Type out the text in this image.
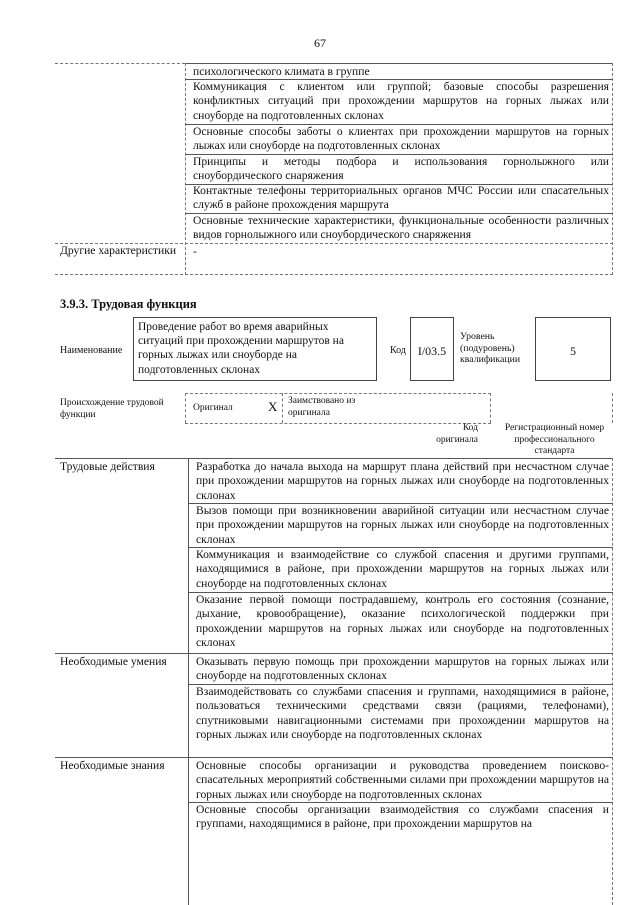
67
психологического климата в группе
Коммуникация с клиентом или группой; базовые способы разрешения конфликтных ситуаций при прохождении маршрутов на горных лыжах или сноуборде на подготовленных склонах
Основные способы заботы о клиентах при прохождении маршрутов на горных лыжах или сноуборде на подготовленных склонах
Принципы и методы подбора и использования горнолыжного или сноубордического снаряжения
Контактные телефоны территориальных органов МЧС России или спасательных служб в районе прохождения маршрута
Основные технические характеристики, функциональные особенности различных видов горнолыжного или сноубордического снаряжения
Другие характеристики	-
3.9.3. Трудовая функция
Наименование
Проведение работ во время аварийных ситуаций при прохождении маршрутов на горных лыжах или сноуборде на подготовленных склонах
Код I/03.5
Уровень (подуровень) квалификации
5
Происхождение трудовой функции
Оригинал	X Заимствовано из оригинала
Код оригинала
Регистрационный номер профессионального стандарта
Трудовые действия	Разработка до начала выхода на маршрут плана действий при несчастном случае при прохождении маршрутов на горных лыжах или сноуборде на подготовленных склонах
Вызов помощи при возникновении аварийной ситуации или несчастном случае при прохождении маршрутов на горных лыжах или сноуборде на подготовленных склонах
Коммуникация и взаимодействие со службой спасения и другими группами, находящимися в районе, при прохождении маршрутов на горных лыжах или сноуборде на подготовленных склонах
Оказание первой помощи пострадавшему, контроль его состояния (сознание, дыхание, кровообращение), оказание психологической поддержки при прохождении маршрутов на горных лыжах или сноуборде на подготовленных склонах
Необходимые умения	Оказывать первую помощь при прохождении маршрутов на горных лыжах или сноуборде на подготовленных склонах
Взаимодействовать со службами спасения и группами, находящимися в районе, пользоваться техническими средствами связи (рациями, телефонами), спутниковыми навигационными системами при прохождении маршрутов на горных лыжах или сноуборде на подготовленных склонах
Необходимые знания	Основные способы организации и руководства проведением поисково-спасательных мероприятий собственными силами при прохождении маршрутов на горных лыжах или сноуборде на подготовленных склонах
Основные способы организации взаимодействия со службами спасения и группами, находящимися в районе, при прохождении маршрутов на
